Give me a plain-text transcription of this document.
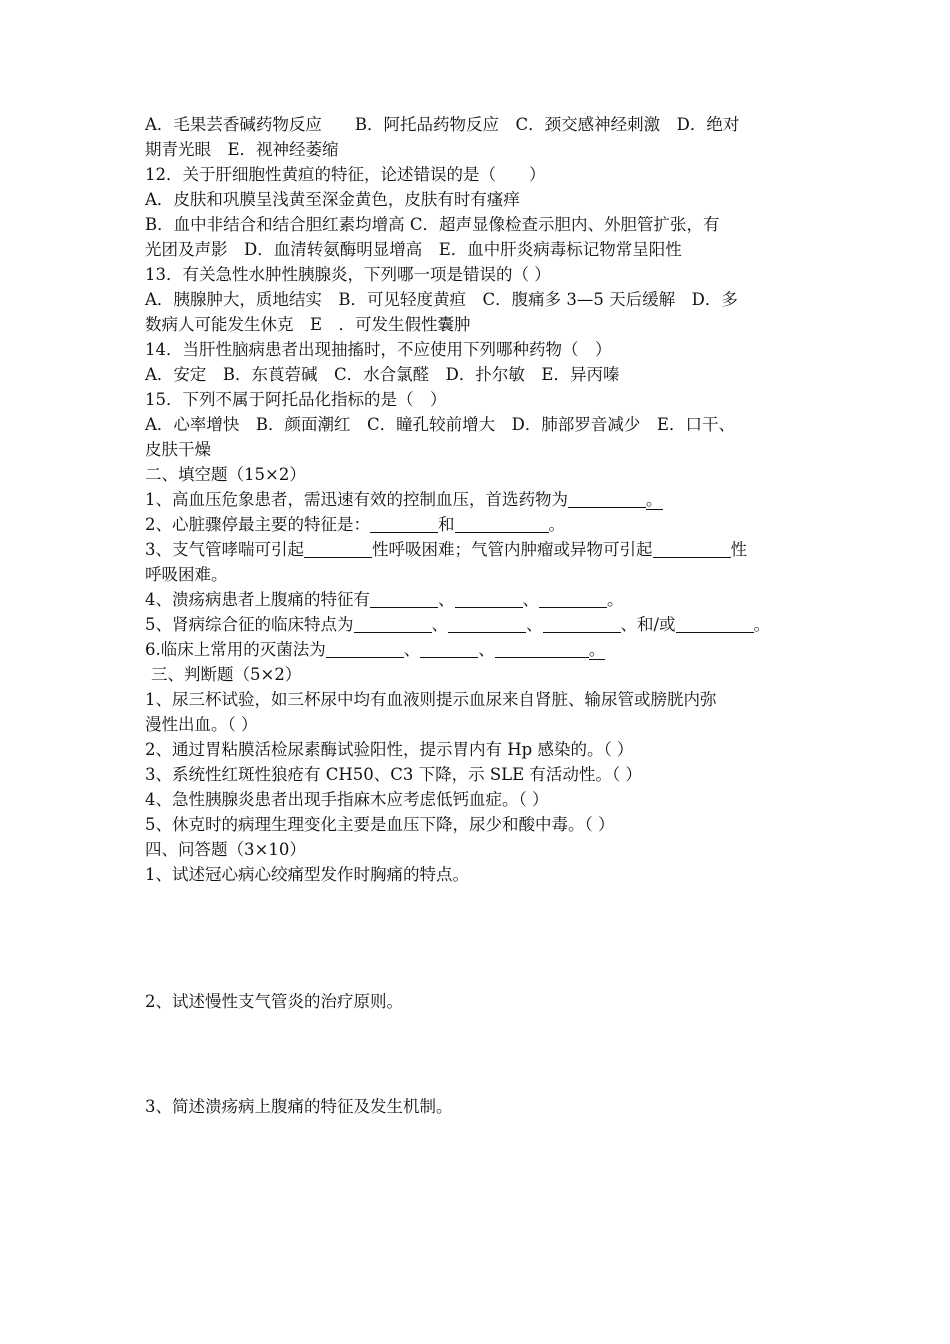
A．毛果芸香碱药物反应　　B．阿托品药物反应　C．颈交感神经刺激　D．绝对
期青光眼　E．视神经萎缩
12．关于肝细胞性黄疸的特征，论述错误的是（　　）
A．皮肤和巩膜呈浅黄至深金黄色，皮肤有时有瘙痒
B．血中非结合和结合胆红素均增高 C．超声显像检查示胆内、外胆管扩张，有
光团及声影　D．血清转氨酶明显增高　E．血中肝炎病毒标记物常呈阳性
13．有关急性水肿性胰腺炎，下列哪一项是错误的（ ）
A．胰腺肿大，质地结实　B．可见轻度黄疸　C．腹痛多 3—5 天后缓解　D．多
数病人可能发生休克　E　．可发生假性囊肿
14．当肝性脑病患者出现抽搐时，不应使用下列哪种药物（　）
A．安定　B．东莨菪碱　C．水合氯醛　D．扑尔敏　E．异丙嗪
15．下列不属于阿托品化指标的是（　）
A．心率增快　B．颜面潮红　C．瞳孔较前增大　D．肺部罗音减少　E．口干、
皮肤干燥
二、填空题（15×2）
1、高血压危象患者，需迅速有效的控制血压，首选药物为	。
2、心脏骤停最主要的特征是：	和	。
3、支气管哮喘可引起	性呼吸困难；气管内肿瘤或异物可引起	性
呼吸困难。
4、溃疡病患者上腹痛的特征有	、	、	。
5、肾病综合征的临床特点为	、	、	、和/或	。
6.临床上常用的灭菌法为	、	、	。
三、判断题（5×2）
1、尿三杯试验，如三杯尿中均有血液则提示血尿来自肾脏、输尿管或膀胱内弥
漫性出血。（ ）
2、通过胃粘膜活检尿素酶试验阳性，提示胃内有 Hp 感染的。（ ）
3、系统性红斑性狼疮有 CH50、C3 下降，示 SLE 有活动性。（ ）
4、急性胰腺炎患者出现手指麻木应考虑低钙血症。（ ）
5、休克时的病理生理变化主要是血压下降，尿少和酸中毒。（ ）
四、问答题（3×10）
1、试述冠心病心绞痛型发作时胸痛的特点。
2、试述慢性支气管炎的治疗原则。
3、简述溃疡病上腹痛的特征及发生机制。
